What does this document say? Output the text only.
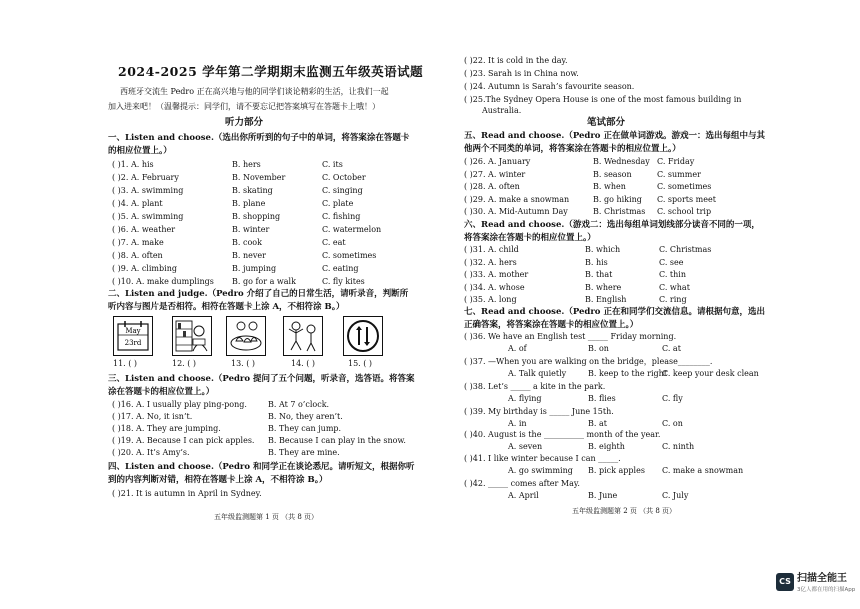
2024-2025 学年第二学期期末监测五年级英语试题
西班牙交流生 Pedro 正在高兴地与他的同学们谈论精彩的生活，让我们一起
加入进来吧！（温馨提示：同学们，请不要忘记把答案填写在答题卡上哦！）
听力部分
一、Listen and choose.（选出你所听到的句子中的单词，将答案涂在答题卡
的相应位置上。）
( )1. A. his	B. hers	C. its
( )2. A. February	B. November	C. October
( )3. A. swimming	B. skating	C. singing
( )4. A. plant	B. plane	C. plate
( )5. A. swimming	B. shopping	C. fishing
( )6. A. weather	B. winter	C. watermelon
( )7. A. make	B. cook	C. eat
( )8. A. often	B. never	C. sometimes
( )9. A. climbing	B. jumping	C. eating
( )10. A. make dumplings B. go for a walk	C. fly kites
二、Listen and judge.（Pedro 介绍了自己的日常生活，请听录音，判断所
听内容与图片是否相符。相符在答题卡上涂 A，不相符涂 B。）
May
23rd
11. ( )	12. ( )	13. ( )	14. ( )	15. ( )
三、Listen and choose.（Pedro 提问了五个问题，听录音，选答语。将答案
涂在答题卡的相应位置上。）
( )16. A. I usually play ping-pong.	B. At 7 o’clock.
( )17. A. No, it isn’t.	B. No, they aren’t.
( )18. A. They are jumping.	B. They can jump.
( )19. A. Because I can pick apples. B. Because I can play in the snow.
( )20. A. It’s Amy’s.	B. They are mine.
四、Listen and choose.（Pedro 和同学正在谈论悉尼。请听短文，根据你听
到的内容判断对错，相符在答题卡上涂 A，不相符涂 B。）
( )21. It is autumn in April in Sydney.
五年级监测题第 1 页 （共 8 页）
( )22. It is cold in the day.
( )23. Sarah is in China now.
( )24. Autumn is Sarah’s favourite season.
( )25.The Sydney Opera House is one of the most famous building in
Australia.
笔试部分
五、Read and choose.（Pedro 正在做单词游戏。游戏一：选出每组中与其
他两个不同类的单词，将答案涂在答题卡的相应位置上。）
( )26. A. January	B. Wednesday C. Friday
( )27. A. winter	B. season	C. summer
( )28. A. often	B. when	C. sometimes
( )29. A. make a snowman	B. go hiking C. sports meet
( )30. A. Mid-Autumn Day	B. Christmas C. school trip
六、Read and choose.（游戏二：选出每组单词划线部分读音不同的一项，
将答案涂在答题卡的相应位置上。）
( )31. A. child	B. which	C. Christmas
( )32. A. hers	B. his	C. see
( )33. A. mother	B. that	C. thin
( )34. A. whose	B. where	C. what
( )35. A. long	B. English	C. ring
七、Read and choose.（Pedro 正在和同学们交流信息。请根据句意，选出
正确答案，将答案涂在答题卡的相应位置上。）
( )36. We have an English test _____ Friday morning.
A. of	B. on	C. at
( )37. —When you are walking on the bridge，please________.
A. Talk quietly	B. keep to the right
C. keep your desk clean
( )38. Let’s _____ a kite in the park.
A. flying	B. flies	C. fly
( )39. My birthday is _____ June 15th.
A. in	B. at	C. on
( )40. August is the __________ month of the year.
A. seven	B. eighth	C. ninth
( )41. I like winter because I can _____.
A. go swimming B. pick apples C. make a snowman
( )42. _____ comes after May.
A. April	B. June	C. July
五年级监测题第 2 页 （共 8 页）
CS 扫描全能王
3亿人都在用的扫描App
